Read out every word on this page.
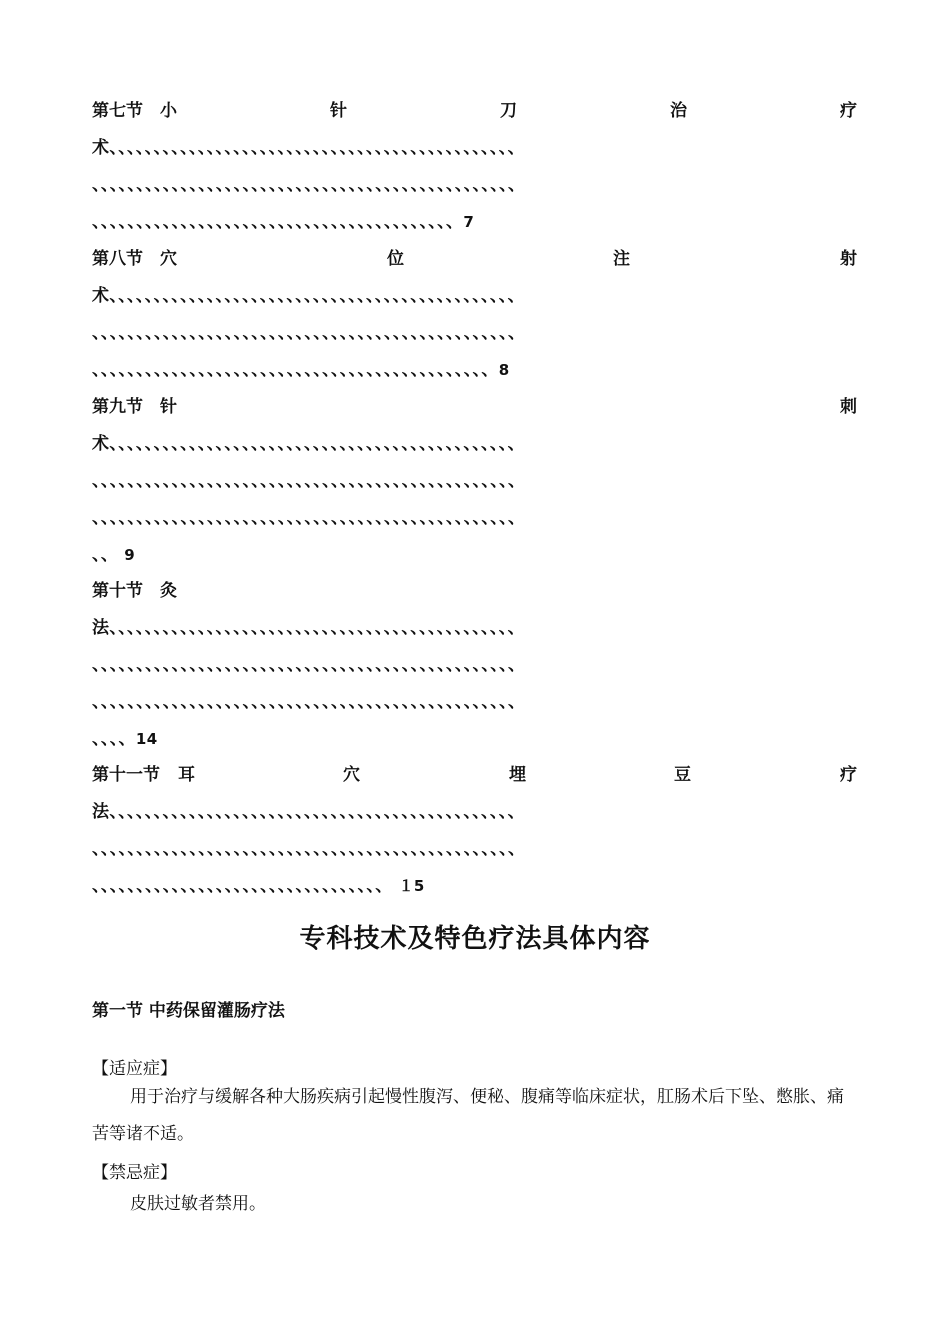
第七节 小	针	刀	治	疗
术、、、、、、、、、、、、、、、、、、、、、、、、、、、、、、、、、、、、、、、、、、、、、、
、、、、、、、、、、、、、、、、、、、、、、、、、、、、、、、、、、、、、、、、、、、、、、、、
、、、、、、、、、、、、、、、、、、、、、、、、、、、、、、、、、、、、、、、、、7
第八节 穴	位	注	射
术、、、、、、、、、、、、、、、、、、、、、、、、、、、、、、、、、、、、、、、、、、、、、、
、、、、、、、、、、、、、、、、、、、、、、、、、、、、、、、、、、、、、、、、、、、、、、、、
、、、、、、、、、、、、、、、、、、、、、、、、、、、、、、、、、、、、、、、、、、、、、8
第九节 针	刺
术、、、、、、、、、、、、、、、、、、、、、、、、、、、、、、、、、、、、、、、、、、、、、、
、、、、、、、、、、、、、、、、、、、、、、、、、、、、、、、、、、、、、、、、、、、、、、、、
、、、、、、、、、、、、、、、、、、、、、、、、、、、、、、、、、、、、、、、、、、、、、、、、
、、 9
第十节 灸
法、、、、、、、、、、、、、、、、、、、、、、、、、、、、、、、、、、、、、、、、、、、、、、
、、、、、、、、、、、、、、、、、、、、、、、、、、、、、、、、、、、、、、、、、、、、、、、、
、、、、、、、、、、、、、、、、、、、、、、、、、、、、、、、、、、、、、、、、、、、、、、、、
、、、、14
第十一节 耳	穴	埋	豆	疗
法、、、、、、、、、、、、、、、、、、、、、、、、、、、、、、、、、、、、、、、、、、、、、、
、、、、、、、、、、、、、、、、、、、、、、、、、、、、、、、、、、、、、、、、、、、、、、、、
、、、、、、、、、、、、、、、、、、、、、、、、、、、、、、、、、 １5
专科技术及特色疗法具体内容
第一节 中药保留灌肠疗法
【适应症】

用于治疗与缓解各种大肠疾病引起慢性腹泻、便秘、腹痛等临床症状，肛肠术后下坠、憋胀、痛苦等诸不适。

【禁忌症】

皮肤过敏者禁用。
